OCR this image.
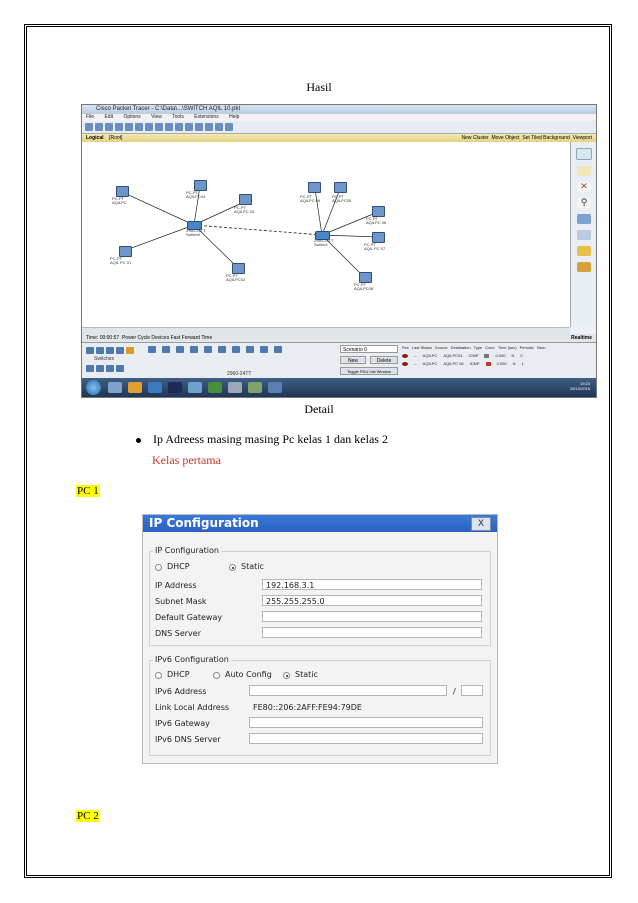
Hasil
Cisco Packet Tracer - C:\Data\...\SWITCH AQIL 10.pkt
File Edit Options View Tools Extensions Help
Logical [Root]	New Cluster Move Object Set Tiled Background Viewport
PC-PT
AQILPC
PC-PT
AQILPC04
PC-PT
AQILPC 03
PC-PT
AQIL PC 01
PC-PT
AQILPC02
PC-PT
AQILPC 09
PC-PT
AQILPC05
PC-PT
AQILPC 06
PC-PT
AQIL PC 07
PC-PT
AQILPC08
2960-24TT
Switch0
2960-24TT
Switch1
✕
⚲
Time: 00:00:57 Power Cycle Devices Fast Forward Time	Realtime
Switches
2960-24TT
Scenario 0
New	Delete
Toggle PDU List Window
Fire Last Status Source Destination Type Color Time (sec) Periodic Num
-- AQILPC AQILPC04 ICMP	0.000 N 0
-- AQILPC AQILPC 06 ICMP	0.000 N 1
19:23
26/10/2016
Detail
Ip Adreess masing masing Pc kelas 1 dan kelas 2
Kelas pertama
PC 1
IP Configuration	X
IP Configuration
DHCP	Static
IP Address	192.168.3.1
Subnet Mask	255.255.255.0
Default Gateway
DNS Server
IPv6 Configuration
DHCP	Auto Config	Static
IPv6 Address	/
Link Local Address	FE80::206:2AFF:FE94:79DE
IPv6 Gateway
IPv6 DNS Server
PC 2
